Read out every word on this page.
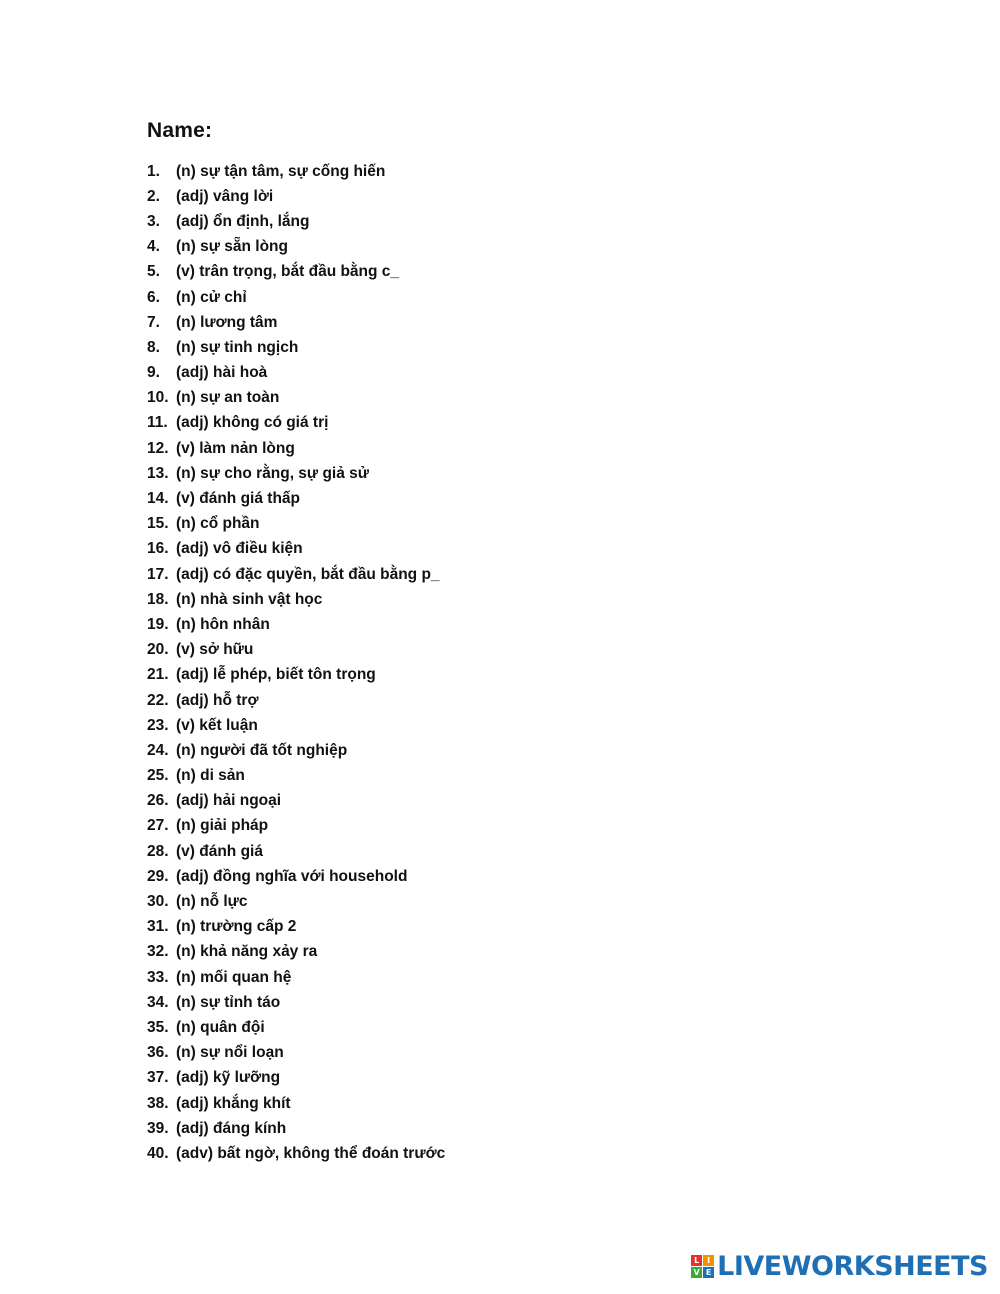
Name:
1.	(n) sự tận tâm, sự cống hiến
2.	(adj) vâng lời
3.	(adj) ổn định, lắng
4.	(n) sự sẵn lòng
5.	(v) trân trọng, bắt đầu bằng c_
6.	(n) cử chỉ
7.	(n) lương tâm
8.	(n) sự tinh ngịch
9.	(adj) hài hoà
10. (n) sự an toàn
11. (adj) không có giá trị
12. (v) làm nản lòng
13. (n) sự cho rằng, sự giả sử
14. (v) đánh giá thấp
15. (n) cổ phần
16. (adj) vô điều kiện
17. (adj) có đặc quyền, bắt đầu bằng p_
18. (n) nhà sinh vật học
19. (n) hôn nhân
20. (v) sở hữu
21. (adj) lễ phép, biết tôn trọng
22. (adj) hỗ trợ
23. (v) kết luận
24. (n) người đã tốt nghiệp
25. (n) di sản
26. (adj) hải ngoại
27. (n) giải pháp
28. (v) đánh giá
29. (adj) đồng nghĩa với household
30. (n) nỗ lực
31. (n) trường cấp 2
32. (n) khả năng xảy ra
33. (n) mối quan hệ
34. (n) sự tỉnh táo
35. (n) quân đội
36. (n) sự nổi loạn
37. (adj) kỹ lưỡng
38. (adj) khắng khít
39. (adj) đáng kính
40. (adv) bất ngờ, không thể đoán trước
L I
V E LIVEWORKSHEETS
